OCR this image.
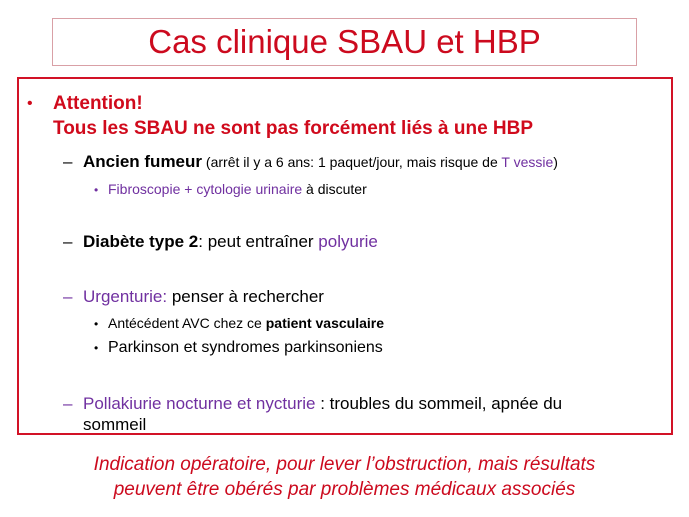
Cas clinique SBAU et HBP
• Attention!
Tous les SBAU ne sont pas forcément liés à une HBP
– Ancien fumeur (arrêt il y a 6 ans: 1 paquet/jour, mais risque de T vessie)
• Fibroscopie + cytologie urinaire à discuter
– Diabète type 2: peut entraîner polyurie
– Urgenturie: penser à rechercher
• Antécédent AVC chez ce patient vasculaire
• Parkinson et syndromes parkinsoniens
– Pollakiurie nocturne et nycturie : troubles du sommeil, apnée du
sommeil
Indication opératoire, pour lever l’obstruction, mais résultats
peuvent être obérés par problèmes médicaux associés
